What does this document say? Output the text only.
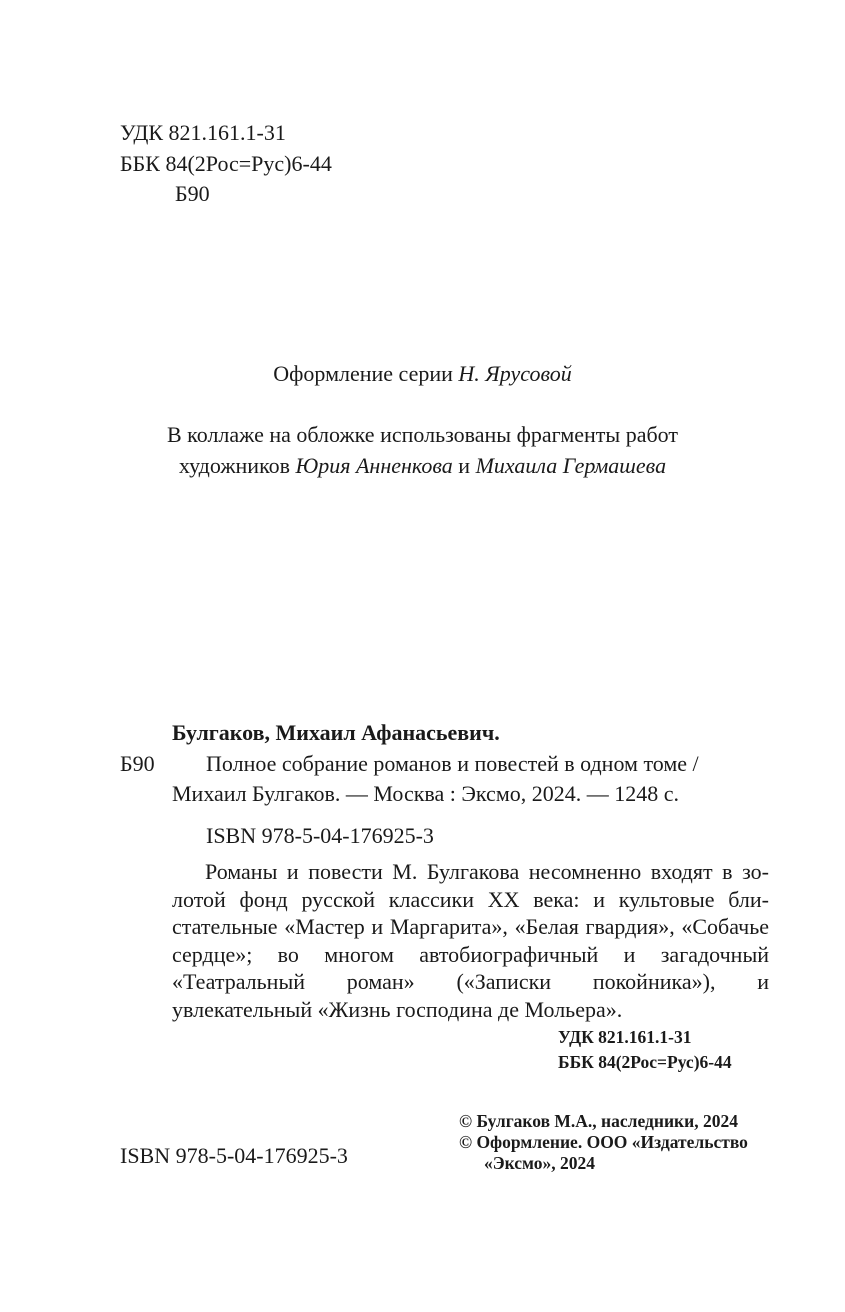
УДК 821.161.1-31
ББК 84(2Рос=Рус)6-44
Б90
Оформление серии Н. Ярусовой
В коллаже на обложке использованы фрагменты работ
художников Юрия Анненкова и Михаила Гермашева
Булгаков, Михаил Афанасьевич.
Б90 Полное собрание романов и повестей в одном томе /
Михаил Булгаков. — Москва : Эксмо, 2024. — 1248 с.
ISBN 978-5-04-176925-3
Романы и повести М. Булгакова несомненно входят в золотой фонд русской классики XX века: и культовые блистательные «Мастер и Маргарита», «Белая гвардия», «Собачье сердце»; во многом автобиографичный и загадочный «Театральный роман» («Записки покойника»), и увлекательный «Жизнь господина де Мольера».
УДК 821.161.1-31
ББК 84(2Рос=Рус)6-44
ISBN 978-5-04-176925-3
© Булгаков М.А., наследники, 2024
© Оформление. ООО «Издательство
«Эксмо», 2024
